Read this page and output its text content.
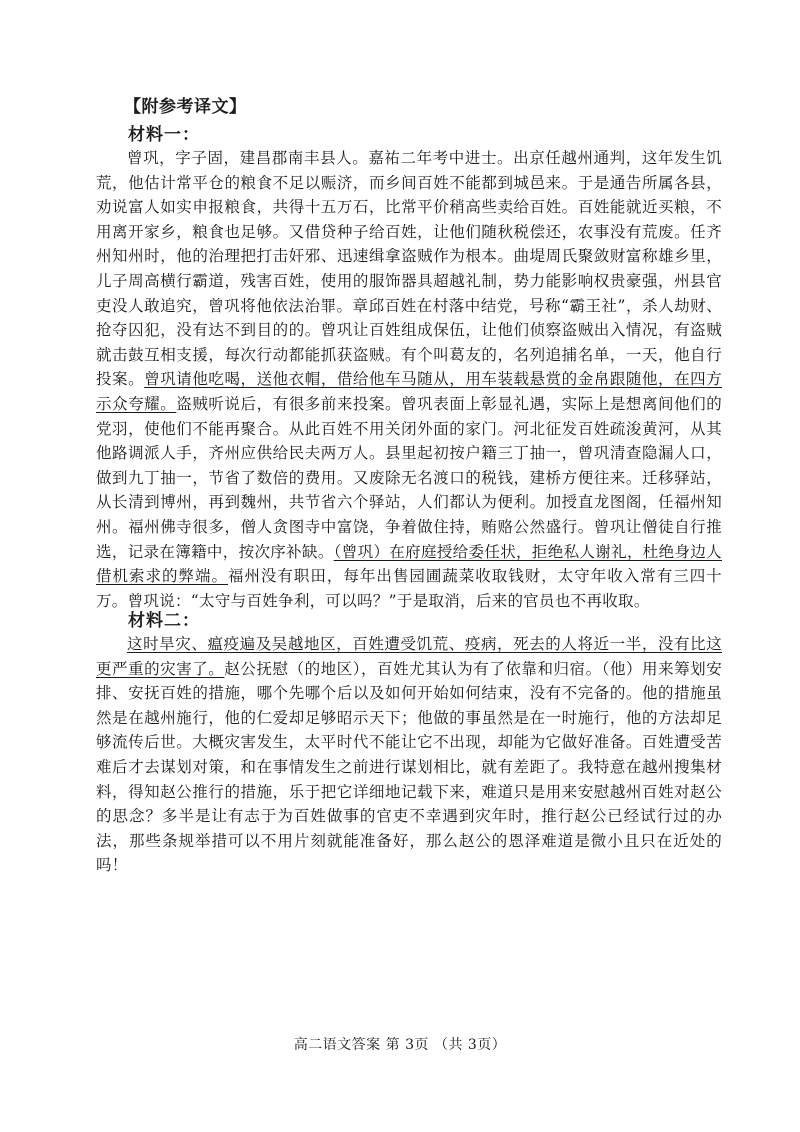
【附参考译文】
材料一：

曾巩，字子固，建昌郡南丰县人。嘉祐二年考中进士。出京任越州通判，这年发生饥荒，他估计常平仓的粮食不足以赈济，而乡间百姓不能都到城邑来。于是通告所属各县，劝说富人如实申报粮食，共得十五万石，比常平价稍高些卖给百姓。百姓能就近买粮，不用离开家乡，粮食也足够。又借贷种子给百姓，让他们随秋税偿还，农事没有荒废。任齐州知州时，他的治理把打击奸邪、迅速缉拿盗贼作为根本。曲堤周氏聚敛财富称雄乡里，儿子周高横行霸道，残害百姓，使用的服饰器具超越礼制，势力能影响权贵豪强，州县官吏没人敢追究，曾巩将他依法治罪。章邱百姓在村落中结党，号称“霸王社”，杀人劫财、抢夺囚犯，没有达不到目的的。曾巩让百姓组成保伍，让他们侦察盗贼出入情况，有盗贼就击鼓互相支援，每次行动都能抓获盗贼。有个叫葛友的，名列追捕名单，一天，他自行投案。曾巩请他吃喝，送他衣帽，借给他车马随从，用车装载悬赏的金帛跟随他，在四方示众夸耀。盗贼听说后，有很多前来投案。曾巩表面上彰显礼遇，实际上是想离间他们的党羽，使他们不能再聚合。从此百姓不用关闭外面的家门。河北征发百姓疏浚黄河，从其他路调派人手，齐州应供给民夫两万人。县里起初按户籍三丁抽一，曾巩清查隐漏人口，做到九丁抽一，节省了数倍的费用。又废除无名渡口的税钱，建桥方便往来。迁移驿站，从长清到博州，再到魏州，共节省六个驿站，人们都认为便利。加授直龙图阁，任福州知州。福州佛寺很多，僧人贪图寺中富饶，争着做住持，贿赂公然盛行。曾巩让僧徒自行推选，记录在簿籍中，按次序补缺。（曾巩）在府庭授给委任状，拒绝私人谢礼，杜绝身边人借机索求的弊端。福州没有职田，每年出售园圃蔬菜收取钱财，太守年收入常有三四十万。曾巩说：“太守与百姓争利，可以吗？”于是取消，后来的官员也不再收取。

材料二：

这时旱灾、瘟疫遍及吴越地区，百姓遭受饥荒、疫病，死去的人将近一半，没有比这更严重的灾害了。赵公抚慰（的地区），百姓尤其认为有了依靠和归宿。（他）用来筹划安排、安抚百姓的措施，哪个先哪个后以及如何开始如何结束，没有不完备的。他的措施虽然是在越州施行，他的仁爱却足够昭示天下；他做的事虽然是在一时施行，他的方法却足够流传后世。大概灾害发生，太平时代不能让它不出现，却能为它做好准备。百姓遭受苦难后才去谋划对策，和在事情发生之前进行谋划相比，就有差距了。我特意在越州搜集材料，得知赵公推行的措施，乐于把它详细地记载下来，难道只是用来安慰越州百姓对赵公的思念？多半是让有志于为百姓做事的官吏不幸遇到灾年时，推行赵公已经试行过的办法，那些条规举措可以不用片刻就能准备好，那么赵公的恩泽难道是微小且只在近处的吗！

高二语文答案 第 3页 （共 3页）
